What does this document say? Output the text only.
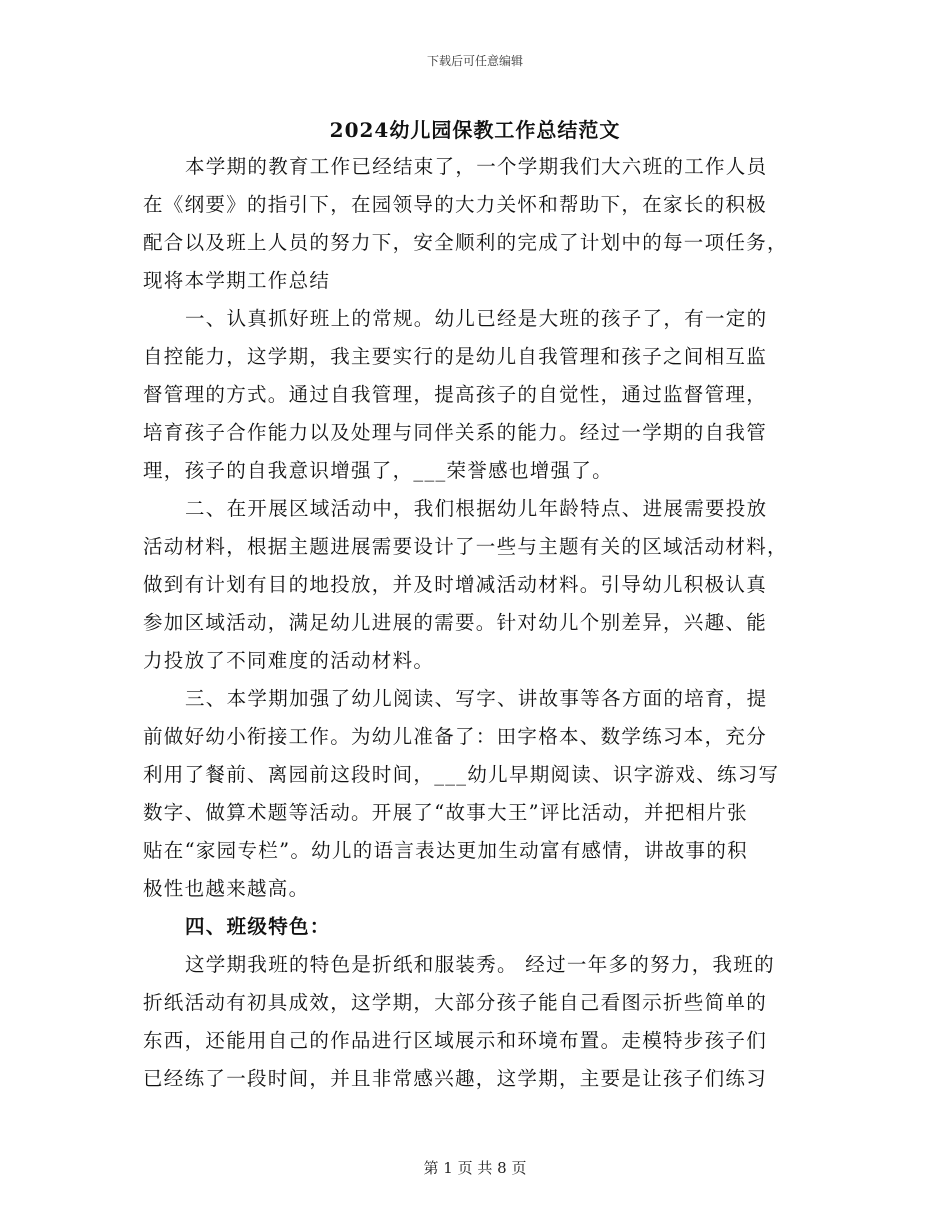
下载后可任意编辑
2024幼儿园保教工作总结范文
本学期的教育工作已经结束了，一个学期我们大六班的工作人员
在《纲要》的指引下，在园领导的大力关怀和帮助下，在家长的积极
配合以及班上人员的努力下，安全顺利的完成了计划中的每一项任务，
现将本学期工作总结
一、认真抓好班上的常规。幼儿已经是大班的孩子了，有一定的
自控能力，这学期，我主要实行的是幼儿自我管理和孩子之间相互监
督管理的方式。通过自我管理，提高孩子的自觉性，通过监督管理，
培育孩子合作能力以及处理与同伴关系的能力。经过一学期的自我管
理，孩子的自我意识增强了，___荣誉感也增强了。
二、在开展区域活动中，我们根据幼儿年龄特点、进展需要投放
活动材料，根据主题进展需要设计了一些与主题有关的区域活动材料，
做到有计划有目的地投放，并及时增减活动材料。引导幼儿积极认真
参加区域活动，满足幼儿进展的需要。针对幼儿个别差异，兴趣、能
力投放了不同难度的活动材料。
三、本学期加强了幼儿阅读、写字、讲故事等各方面的培育，提
前做好幼小衔接工作。为幼儿准备了：田字格本、数学练习本，充分
利用了餐前、离园前这段时间，___幼儿早期阅读、识字游戏、练习写
数字、做算术题等活动。开展了“故事大王”评比活动，并把相片张
贴在“家园专栏”。幼儿的语言表达更加生动富有感情，讲故事的积
极性也越来越高。
四、班级特色：
这学期我班的特色是折纸和服装秀。 经过一年多的努力，我班的
折纸活动有初具成效，这学期，大部分孩子能自己看图示折些简单的
东西，还能用自己的作品进行区域展示和环境布置。走模特步孩子们
已经练了一段时间，并且非常感兴趣，这学期，主要是让孩子们练习
第 1 页 共 8 页
